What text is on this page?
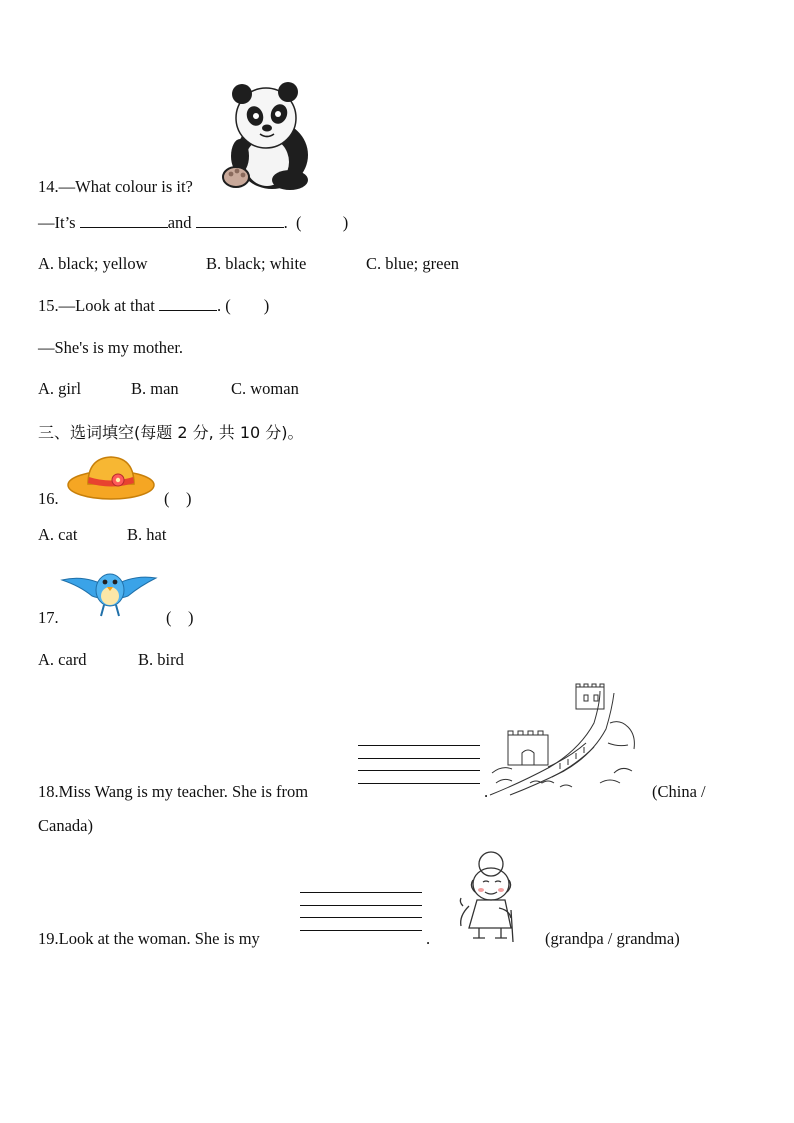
14.—What colour is it?
—It’s	and	.  (          )
A. black; yellow	B. black; white	C. blue; green
15.—Look at that	. (        )
—She's is my mother.
A. girl	B. man	C. woman
三、选词填空(每题 2 分, 共 10 分)。
16.	(    )
A. cat	B. hat
17.	(    )
A. card	B. bird
18.Miss Wang is my teacher. She is from	.	(China /
Canada)
19.Look at the woman. She is my	.	(grandpa / grandma)
